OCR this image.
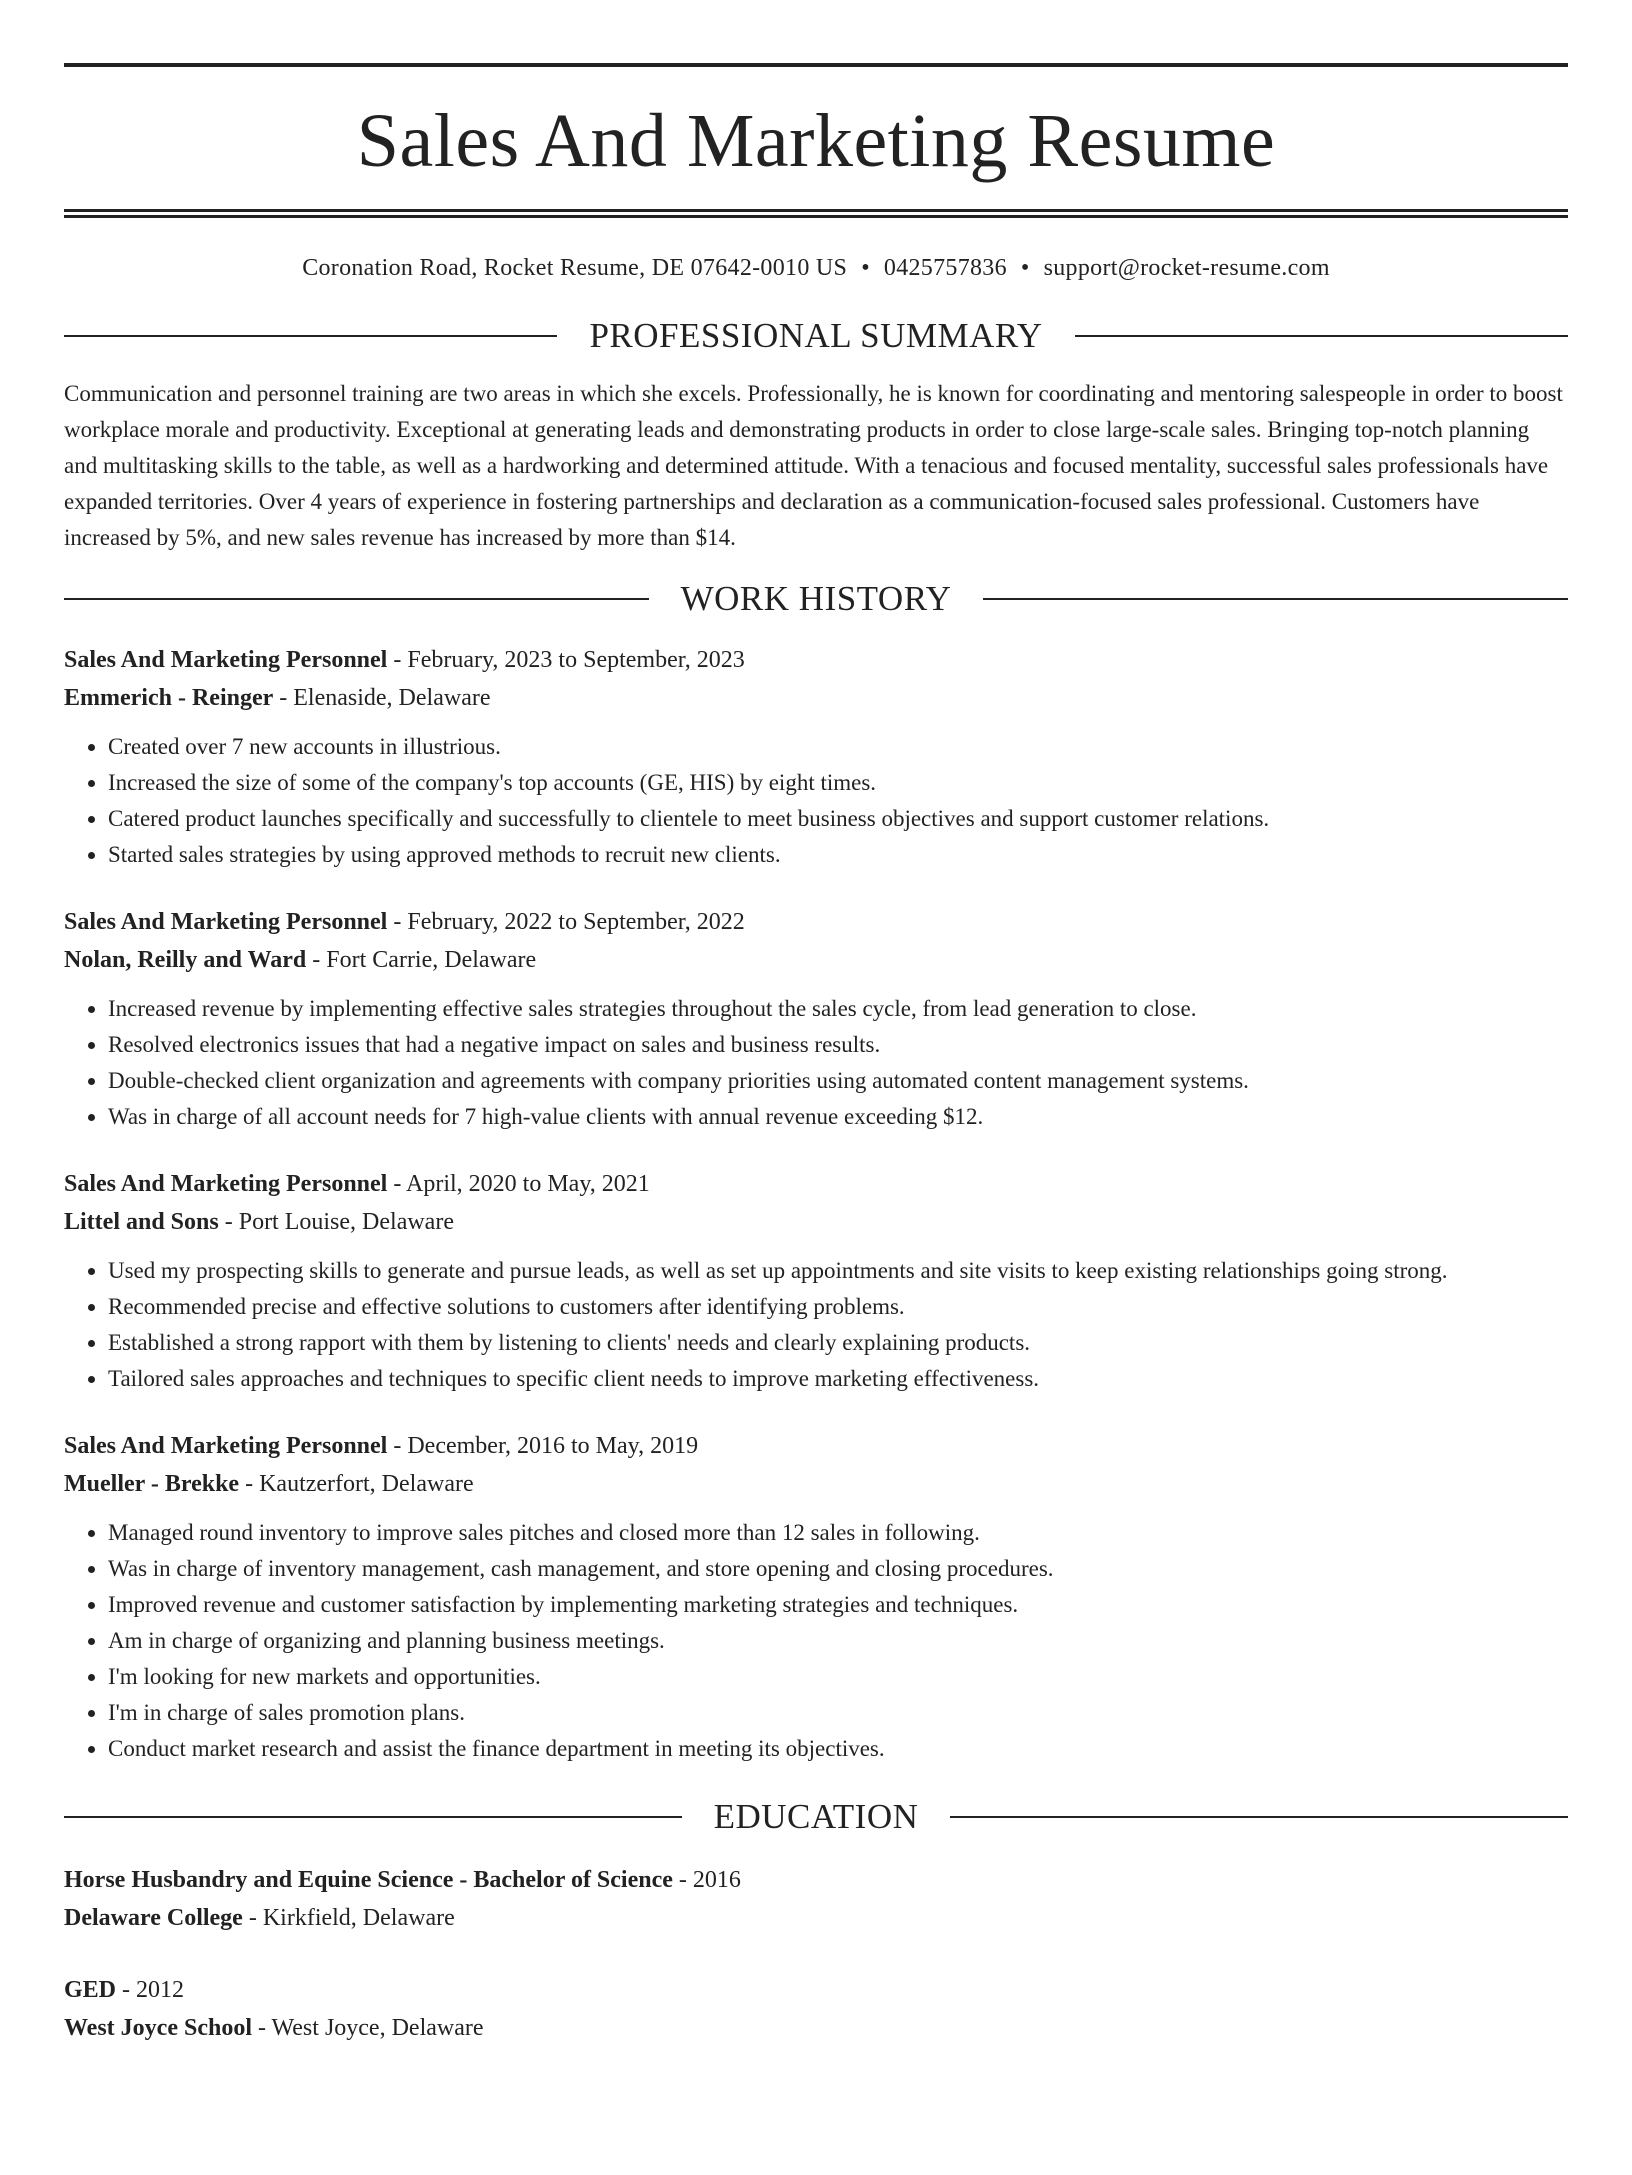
Sales And Marketing Resume
Coronation Road, Rocket Resume, DE 07642-0010 US • 0425757836 • support@rocket-resume.com
PROFESSIONAL SUMMARY

Communication and personnel training are two areas in which she excels. Professionally, he is known for coordinating and mentoring salespeople in order to boost workplace morale and productivity. Exceptional at generating leads and demonstrating products in order to close large-scale sales. Bringing top-notch planning and multitasking skills to the table, as well as a hardworking and determined attitude. With a tenacious and focused mentality, successful sales professionals have expanded territories. Over 4 years of experience in fostering partnerships and declaration as a communication-focused sales professional. Customers have increased by 5%, and new sales revenue has increased by more than $14.

WORK HISTORY
Sales And Marketing Personnel - February, 2023 to September, 2023
Emmerich - Reinger - Elenaside, Delaware
• Created over 7 new accounts in illustrious.
• Increased the size of some of the company's top accounts (GE, HIS) by eight times.
• Catered product launches specifically and successfully to clientele to meet business objectives and support customer relations.
• Started sales strategies by using approved methods to recruit new clients.
Sales And Marketing Personnel - February, 2022 to September, 2022
Nolan, Reilly and Ward - Fort Carrie, Delaware
• Increased revenue by implementing effective sales strategies throughout the sales cycle, from lead generation to close.
• Resolved electronics issues that had a negative impact on sales and business results.
• Double-checked client organization and agreements with company priorities using automated content management systems.
• Was in charge of all account needs for 7 high-value clients with annual revenue exceeding $12.
Sales And Marketing Personnel - April, 2020 to May, 2021
Littel and Sons - Port Louise, Delaware
• Used my prospecting skills to generate and pursue leads, as well as set up appointments and site visits to keep existing relationships going strong.
• Recommended precise and effective solutions to customers after identifying problems.
• Established a strong rapport with them by listening to clients' needs and clearly explaining products.
• Tailored sales approaches and techniques to specific client needs to improve marketing effectiveness.
Sales And Marketing Personnel - December, 2016 to May, 2019
Mueller - Brekke - Kautzerfort, Delaware
• Managed round inventory to improve sales pitches and closed more than 12 sales in following.
• Was in charge of inventory management, cash management, and store opening and closing procedures.
• Improved revenue and customer satisfaction by implementing marketing strategies and techniques.
• Am in charge of organizing and planning business meetings.
• I'm looking for new markets and opportunities.
• I'm in charge of sales promotion plans.
• Conduct market research and assist the finance department in meeting its objectives.
EDUCATION
Horse Husbandry and Equine Science - Bachelor of Science - 2016
Delaware College - Kirkfield, Delaware
GED - 2012
West Joyce School - West Joyce, Delaware
